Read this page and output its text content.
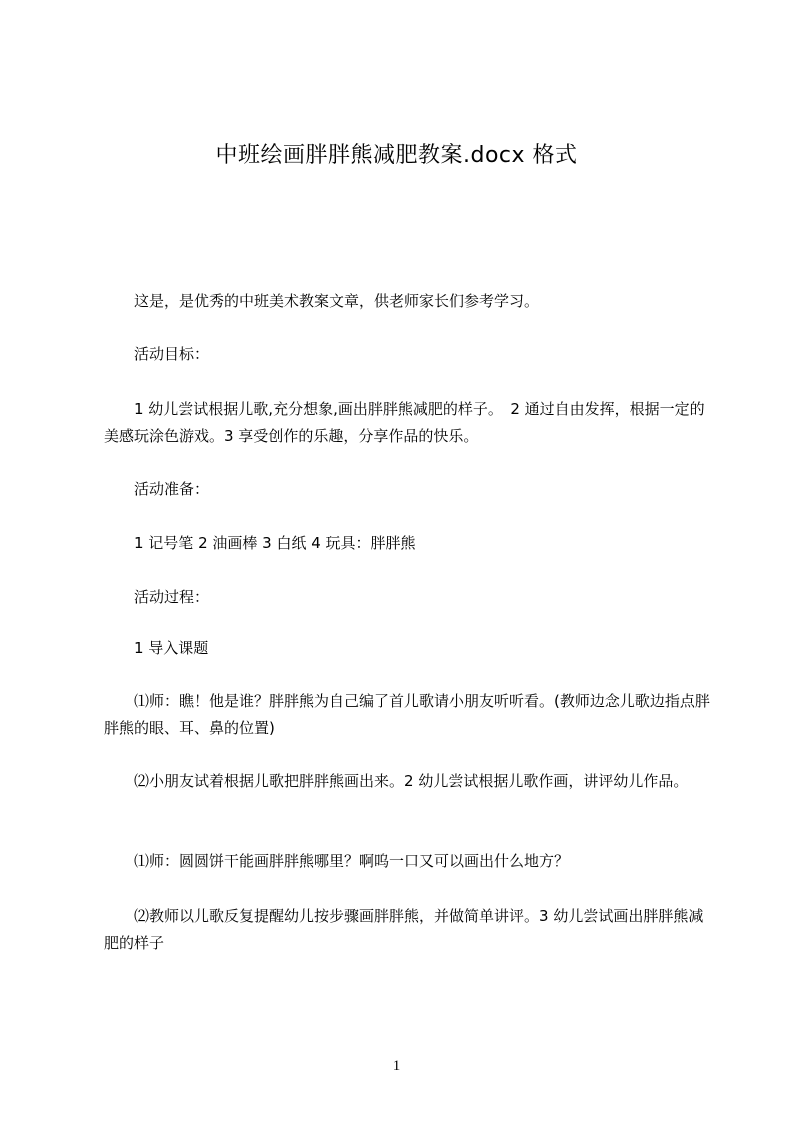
中班绘画胖胖熊减肥教案.docx 格式

这是，是优秀的中班美术教案文章，供老师家长们参考学习。

活动目标：

1 幼儿尝试根据儿歌,充分想象,画出胖胖熊减肥的样子。　2 通过自由发挥，根据一定的美感玩涂色游戏。3 享受创作的乐趣，分享作品的快乐。

活动准备：

1 记号笔 2 油画棒 3 白纸 4 玩具：胖胖熊

活动过程：

1 导入课题

⑴师：瞧！他是谁？胖胖熊为自己编了首儿歌请小朋友听听看。(教师边念儿歌边指点胖胖熊的眼、耳、鼻的位置)

⑵小朋友试着根据儿歌把胖胖熊画出来。2 幼儿尝试根据儿歌作画，讲评幼儿作品。

⑴师：圆圆饼干能画胖胖熊哪里？啊呜一口又可以画出什么地方？

⑵教师以儿歌反复提醒幼儿按步骤画胖胖熊，并做简单讲评。3 幼儿尝试画出胖胖熊减肥的样子

1
